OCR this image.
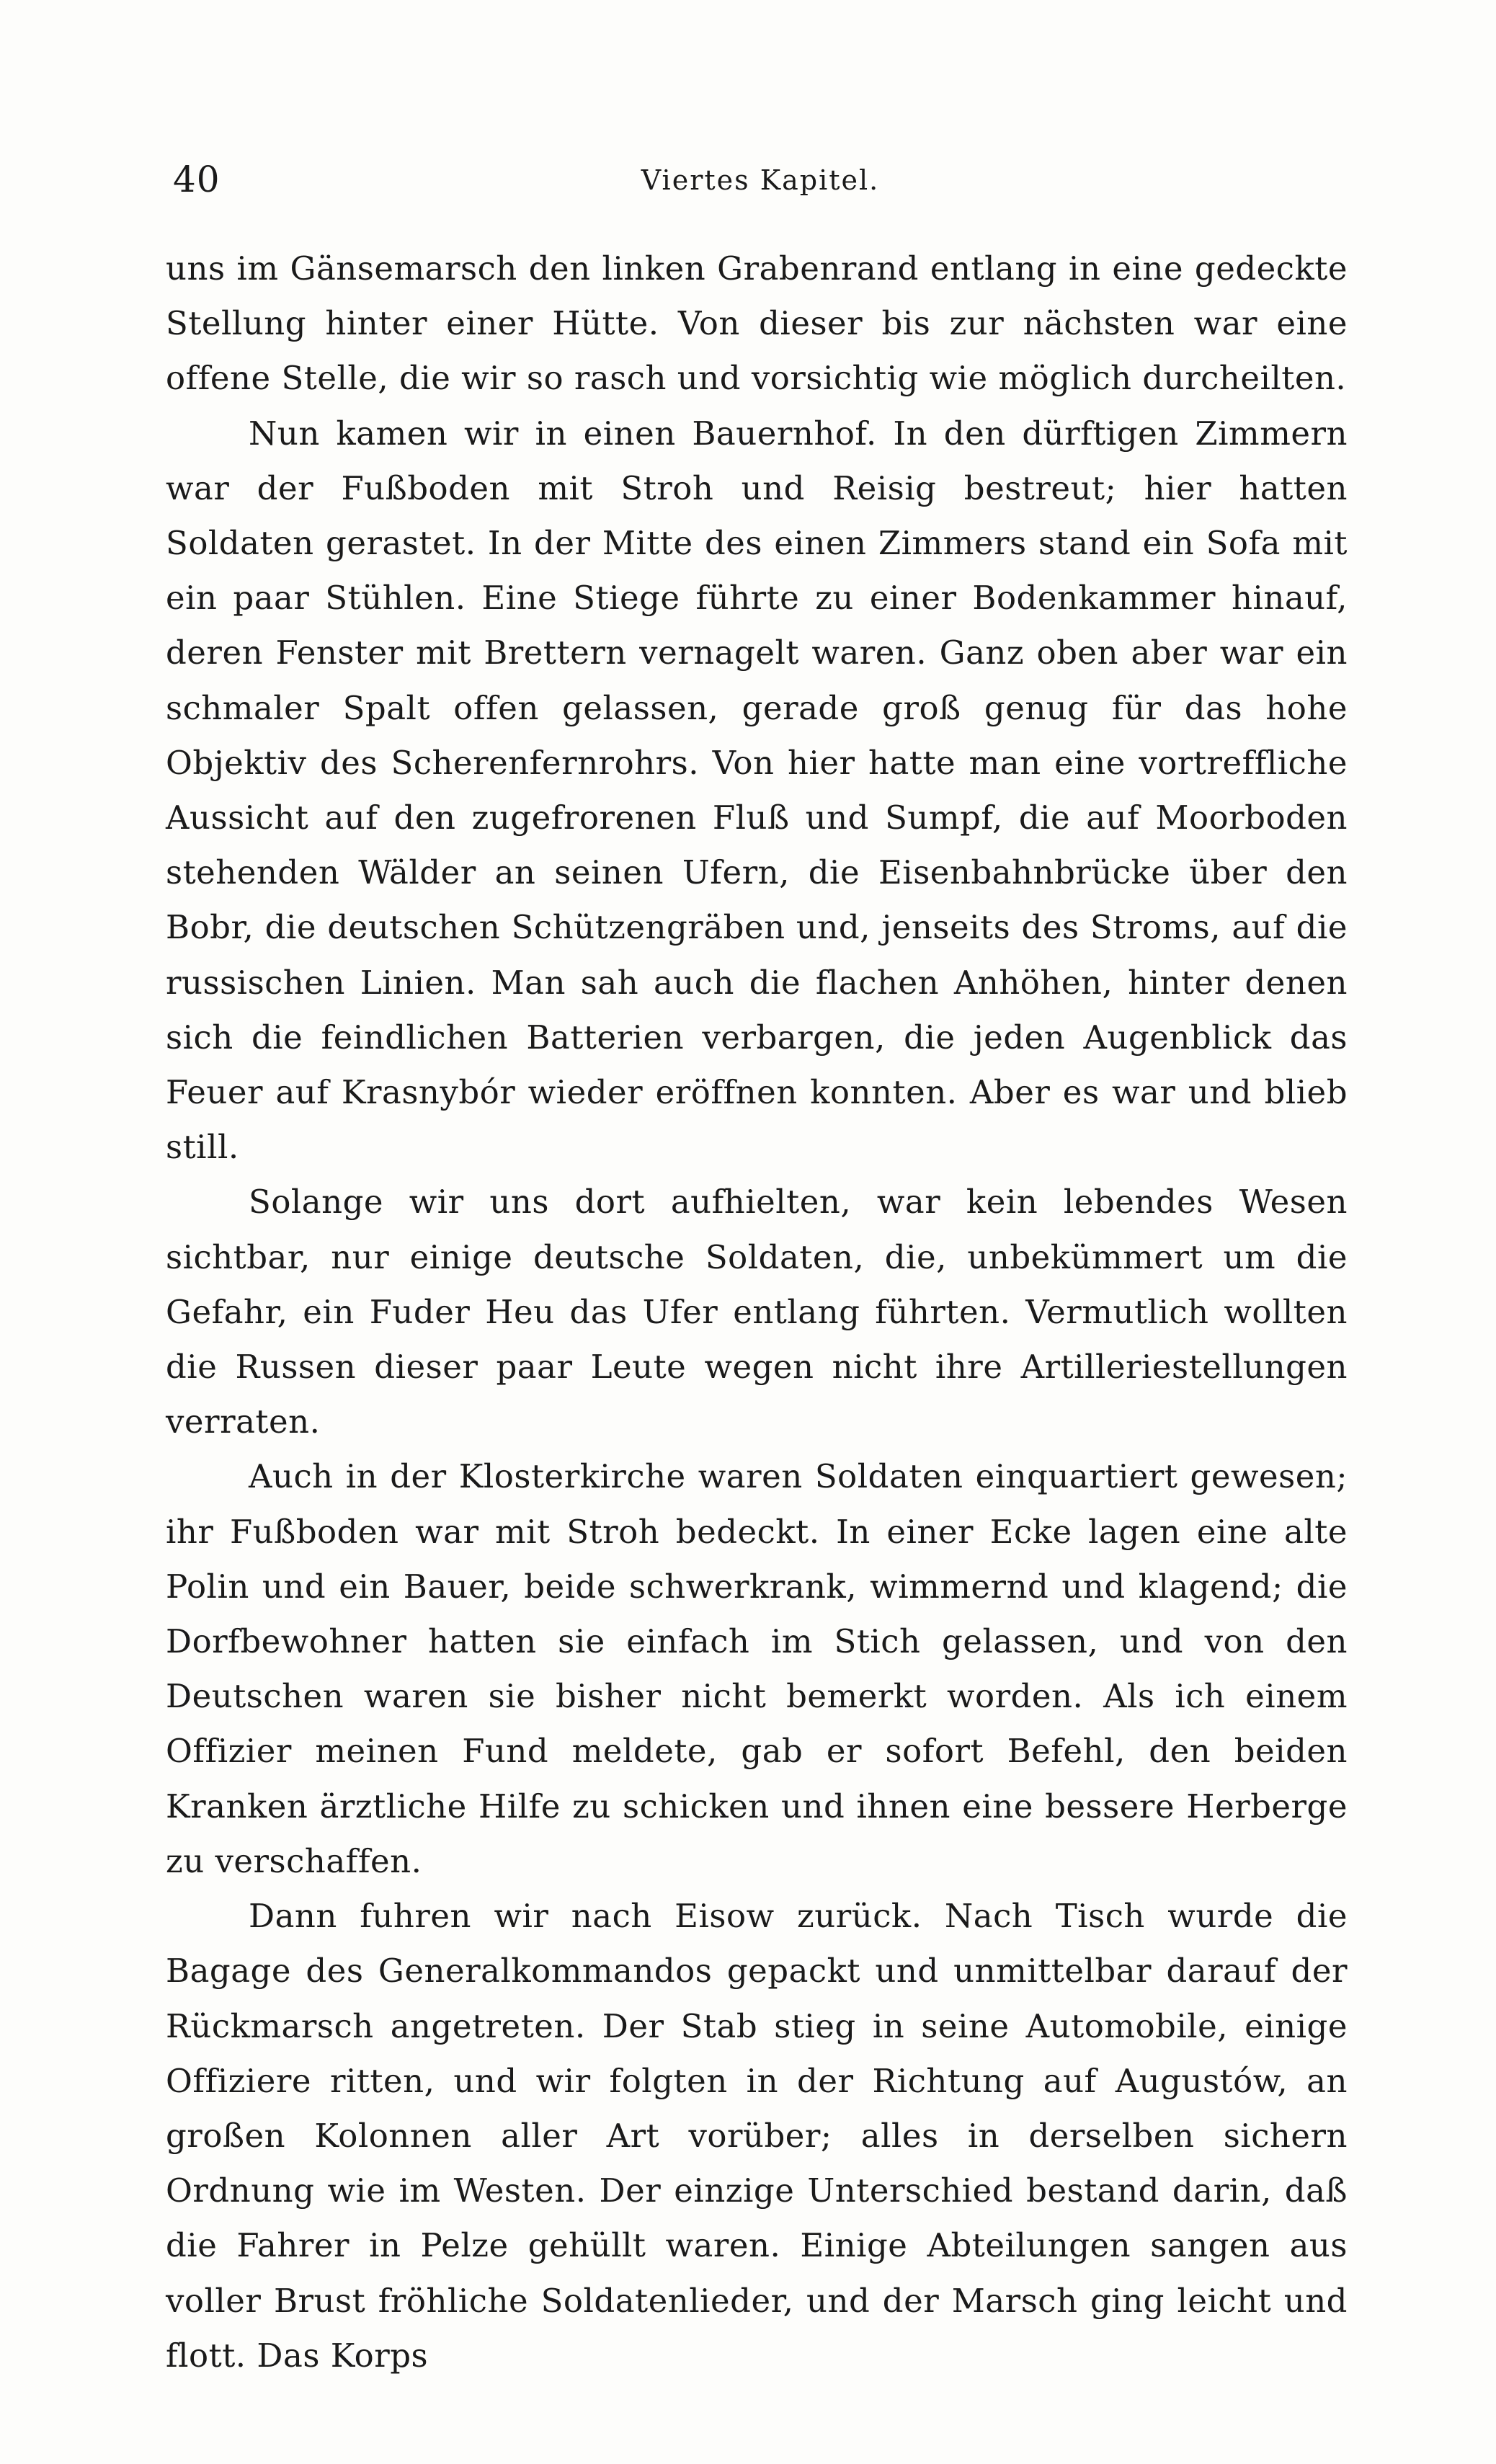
40	Viertes Kapitel.

uns im Gänsemarsch den linken Grabenrand entlang in eine gedeckte Stellung hinter einer Hütte. Von dieser bis zur nächsten war eine offene Stelle, die wir so rasch und vorsichtig wie möglich durcheilten.

Nun kamen wir in einen Bauernhof. In den dürftigen Zimmern war der Fußboden mit Stroh und Reisig bestreut; hier hatten Soldaten gerastet. In der Mitte des einen Zimmers stand ein Sofa mit ein paar Stühlen. Eine Stiege führte zu einer Bodenkammer hinauf, deren Fenster mit Brettern vernagelt waren. Ganz oben aber war ein schmaler Spalt offen gelassen, gerade groß genug für das hohe Objektiv des Scherenfernrohrs. Von hier hatte man eine vortreffliche Aussicht auf den zugefrorenen Fluß und Sumpf, die auf Moorboden stehenden Wälder an seinen Ufern, die Eisenbahnbrücke über den Bobr, die deutschen Schützengräben und, jenseits des Stroms, auf die russischen Linien. Man sah auch die flachen Anhöhen, hinter denen sich die feindlichen Batterien verbargen, die jeden Augenblick das Feuer auf Krasnybór wieder eröffnen konnten. Aber es war und blieb still.

Solange wir uns dort aufhielten, war kein lebendes Wesen sichtbar, nur einige deutsche Soldaten, die, unbekümmert um die Gefahr, ein Fuder Heu das Ufer entlang führten. Vermutlich wollten die Russen dieser paar Leute wegen nicht ihre Artilleriestellungen verraten.

Auch in der Klosterkirche waren Soldaten einquartiert gewesen; ihr Fußboden war mit Stroh bedeckt. In einer Ecke lagen eine alte Polin und ein Bauer, beide schwerkrank, wimmernd und klagend; die Dorfbewohner hatten sie einfach im Stich gelassen, und von den Deutschen waren sie bisher nicht bemerkt worden. Als ich einem Offizier meinen Fund meldete, gab er sofort Befehl, den beiden Kranken ärztliche Hilfe zu schicken und ihnen eine bessere Herberge zu verschaffen.

Dann fuhren wir nach Eisow zurück. Nach Tisch wurde die Bagage des Generalkommandos gepackt und unmittelbar darauf der Rückmarsch angetreten. Der Stab stieg in seine Automobile, einige Offiziere ritten, und wir folgten in der Richtung auf Augustów, an großen Kolonnen aller Art vorüber; alles in derselben sichern Ordnung wie im Westen. Der einzige Unterschied bestand darin, daß die Fahrer in Pelze gehüllt waren. Einige Abteilungen sangen aus voller Brust fröhliche Soldatenlieder, und der Marsch ging leicht und flott. Das Korps
